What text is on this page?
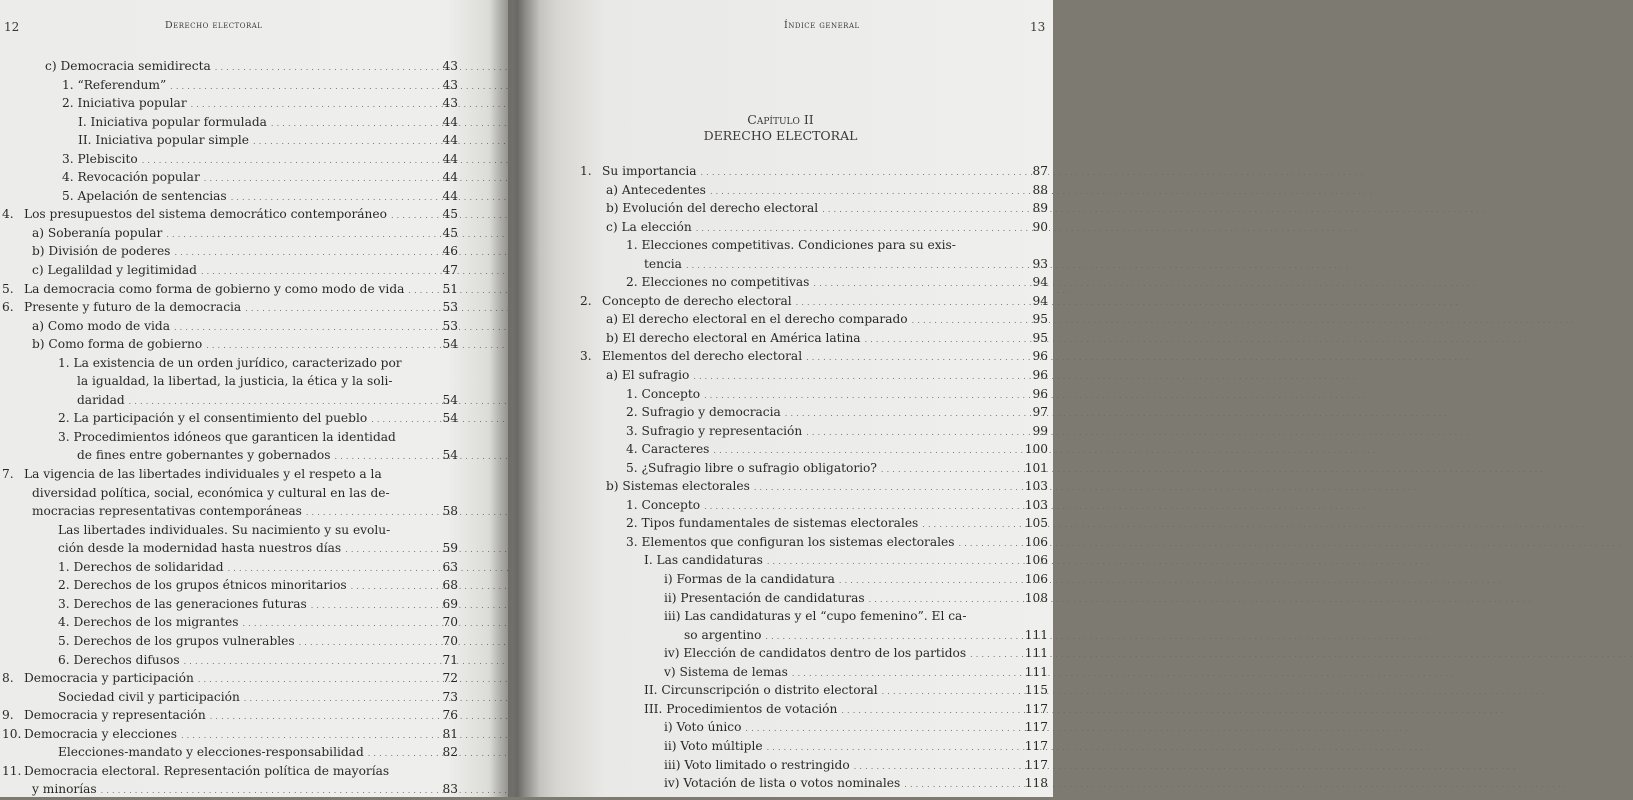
12	Derecho electoral
c) Democracia semidirecta . . .	43
1. “Referendum” . . .	43
2. Iniciativa popular . . .	43
I. Iniciativa popular formulada . . .	44
II. Iniciativa popular simple . . .	44
3. Plebiscito . . .	44
4. Revocación popular . . .	44
5. Apelación de sentencias . . .	44
4. Los presupuestos del sistema democrático contemporáneo . . .	45
a) Soberanía popular . . .	45
b) División de poderes . . .	46
c) Legalildad y legitimidad . . .	47
5. La democracia como forma de gobierno y como modo de vida . . .	51
6. Presente y futuro de la democracia . . .	53
a) Como modo de vida . . .	53
b) Como forma de gobierno . . .	54
1. La existencia de un orden jurídico, caracterizado por
la igualdad, la libertad, la justicia, la ética y la soli-
daridad . . .	54
2. La participación y el consentimiento del pueblo . . .	54
3. Procedimientos idóneos que garanticen la identidad
de fines entre gobernantes y gobernados . . .	54
7. La vigencia de las libertades individuales y el respeto a la
diversidad política, social, económica y cultural en las de-
mocracias representativas contemporáneas . . .	58
Las libertades individuales. Su nacimiento y su evolu-
ción desde la modernidad hasta nuestros días . . .	59
1. Derechos de solidaridad . . .	63
2. Derechos de los grupos étnicos minoritarios . . .	68
3. Derechos de las generaciones futuras . . .	69
4. Derechos de los migrantes . . .	70
5. Derechos de los grupos vulnerables . . .	70
6. Derechos difusos . . .	71
8. Democracia y participación . . .	72
Sociedad civil y participación . . .	73
9. Democracia y representación . . .	76
10. Democracia y elecciones . . .	81
Elecciones-mandato y elecciones-responsabilidad . . .	82
11. Democracia electoral. Representación política de mayorías
y minorías . . .	83
Índice general	13
Capítulo II
DERECHO ELECTORAL
1. Su importancia . . .	87
a) Antecedentes . . .	88
b) Evolución del derecho electoral . . .	89
c) La elección . . .	90
1. Elecciones competitivas. Condiciones para su exis-
tencia . . .	93
2. Elecciones no competitivas . . .	94
2. Concepto de derecho electoral . . .	94
a) El derecho electoral en el derecho comparado . . .	95
b) El derecho electoral en América latina . . .	95
3. Elementos del derecho electoral . . .	96
a) El sufragio . . .	96
1. Concepto . . .	96
2. Sufragio y democracia . . .	97
3. Sufragio y representación . . .	99
4. Caracteres . . .	100
5. ¿Sufragio libre o sufragio obligatorio? . . .	101
b) Sistemas electorales . . .	103
1. Concepto . . .	103
2. Tipos fundamentales de sistemas electorales . . .	105
3. Elementos que configuran los sistemas electorales . . .	106
I. Las candidaturas . . .	106
i) Formas de la candidatura . . .	106
ii) Presentación de candidaturas . . .	108
iii) Las candidaturas y el “cupo femenino”. El ca-
so argentino . . .	111
iv) Elección de candidatos dentro de los partidos . . .	111
v) Sistema de lemas . . .	111
II. Circunscripción o distrito electoral . . .	115
III. Procedimientos de votación . . .	117
i) Voto único . . .	117
ii) Voto múltiple . . .	117
iii) Voto limitado o restringido . . .	117
iv) Votación de lista o votos nominales . . .	118
